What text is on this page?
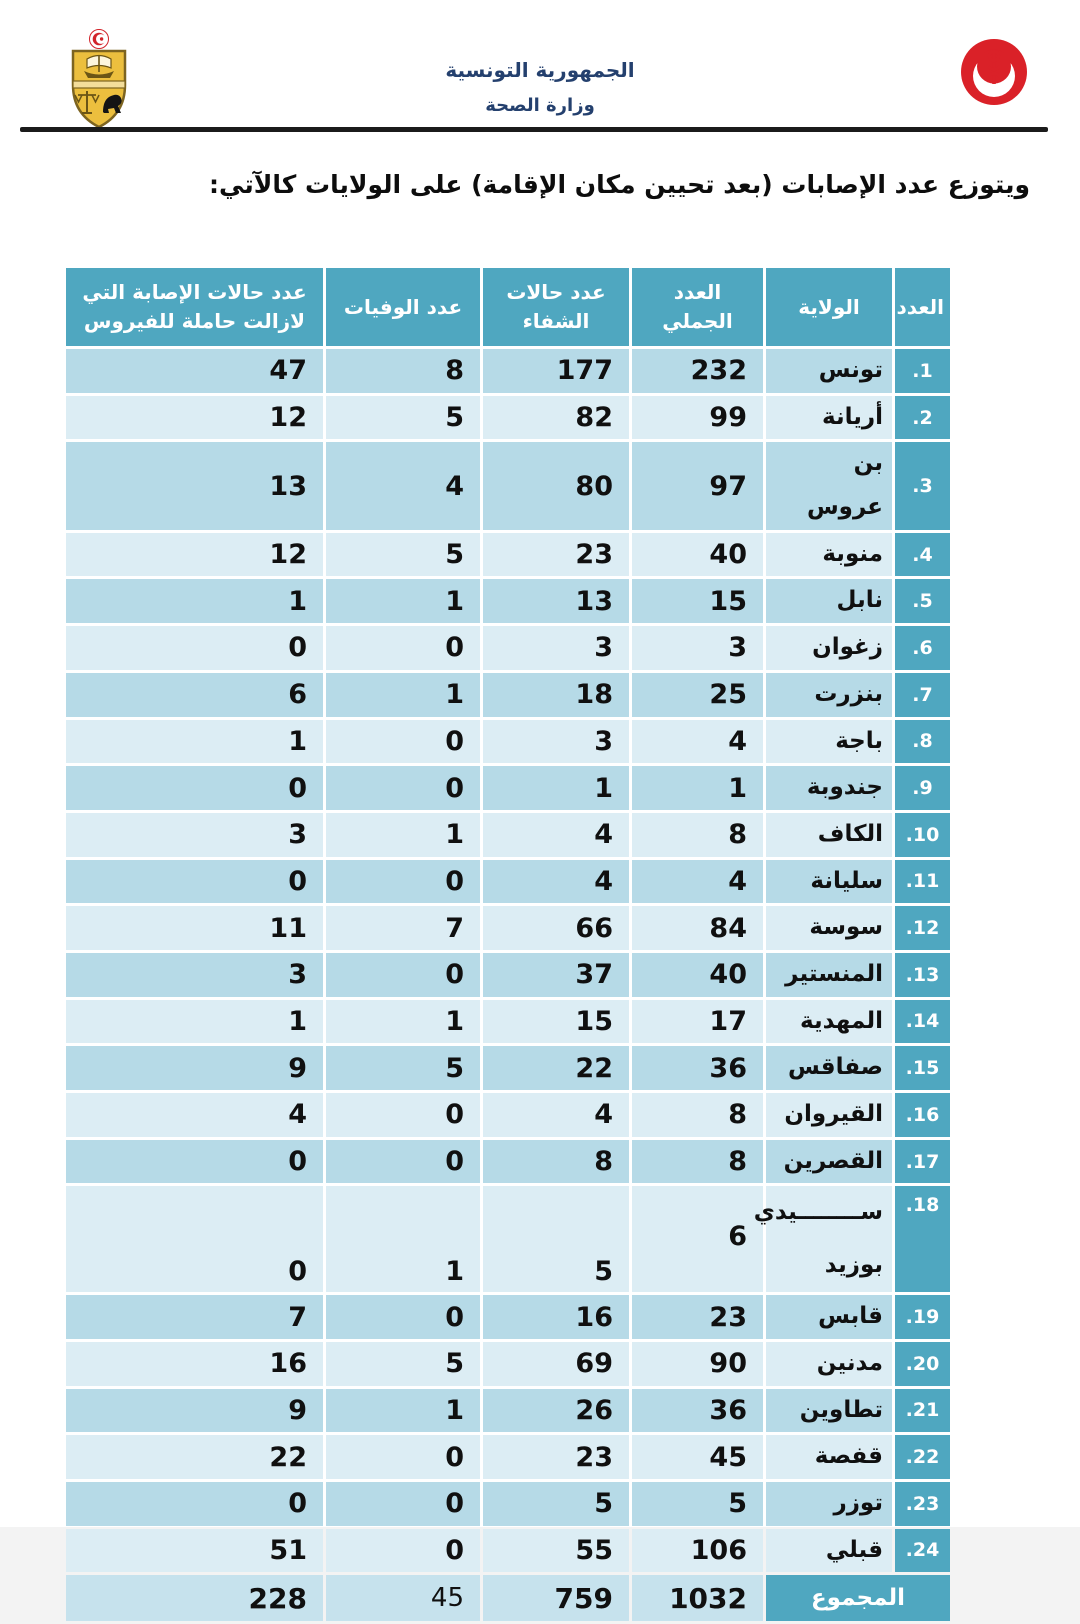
الجمهورية التونسية
وزارة الصحة

ويتوزع عدد الإصابات (بعد تحيين مكان الإقامة) على الولايات كالآتي:

العدد	الولاية	العدد الجملي	عدد حالات الشفاء	عدد الوفيات	عدد حالات الإصابة التي لازالت حاملة للفيروس
.1	تونس	232	177	8	47
.2	أريانة	99	82	5	12
.3	بن عروس	97	80	4	13
.4	منوبة	40	23	5	12
.5	نابل	15	13	1	1
.6	زغوان	3	3	0	0
.7	بنزرت	25	18	1	6
.8	باجة	4	3	0	1
.9	جندوبة	1	1	0	0
.10	الكاف	8	4	1	3
.11	سليانة	4	4	0	0
.12	سوسة	84	66	7	11
.13	المنستير	40	37	0	3
.14	المهدية	17	15	1	1
.15	صفاقس	36	22	5	9
.16	القيروان	8	4	0	4
.17	القصرين	8	8	0	0
.18	ســــــــيدي بوزيد	6	5	1	0
.19	قابس	23	16	0	7
.20	مدنين	90	69	5	16
.21	تطاوين	36	26	1	9
.22	قفصة	45	23	0	22
.23	توزر	5	5	0	0
.24	قبلي	106	55	0	51
المجموع		1032	759	45	228
